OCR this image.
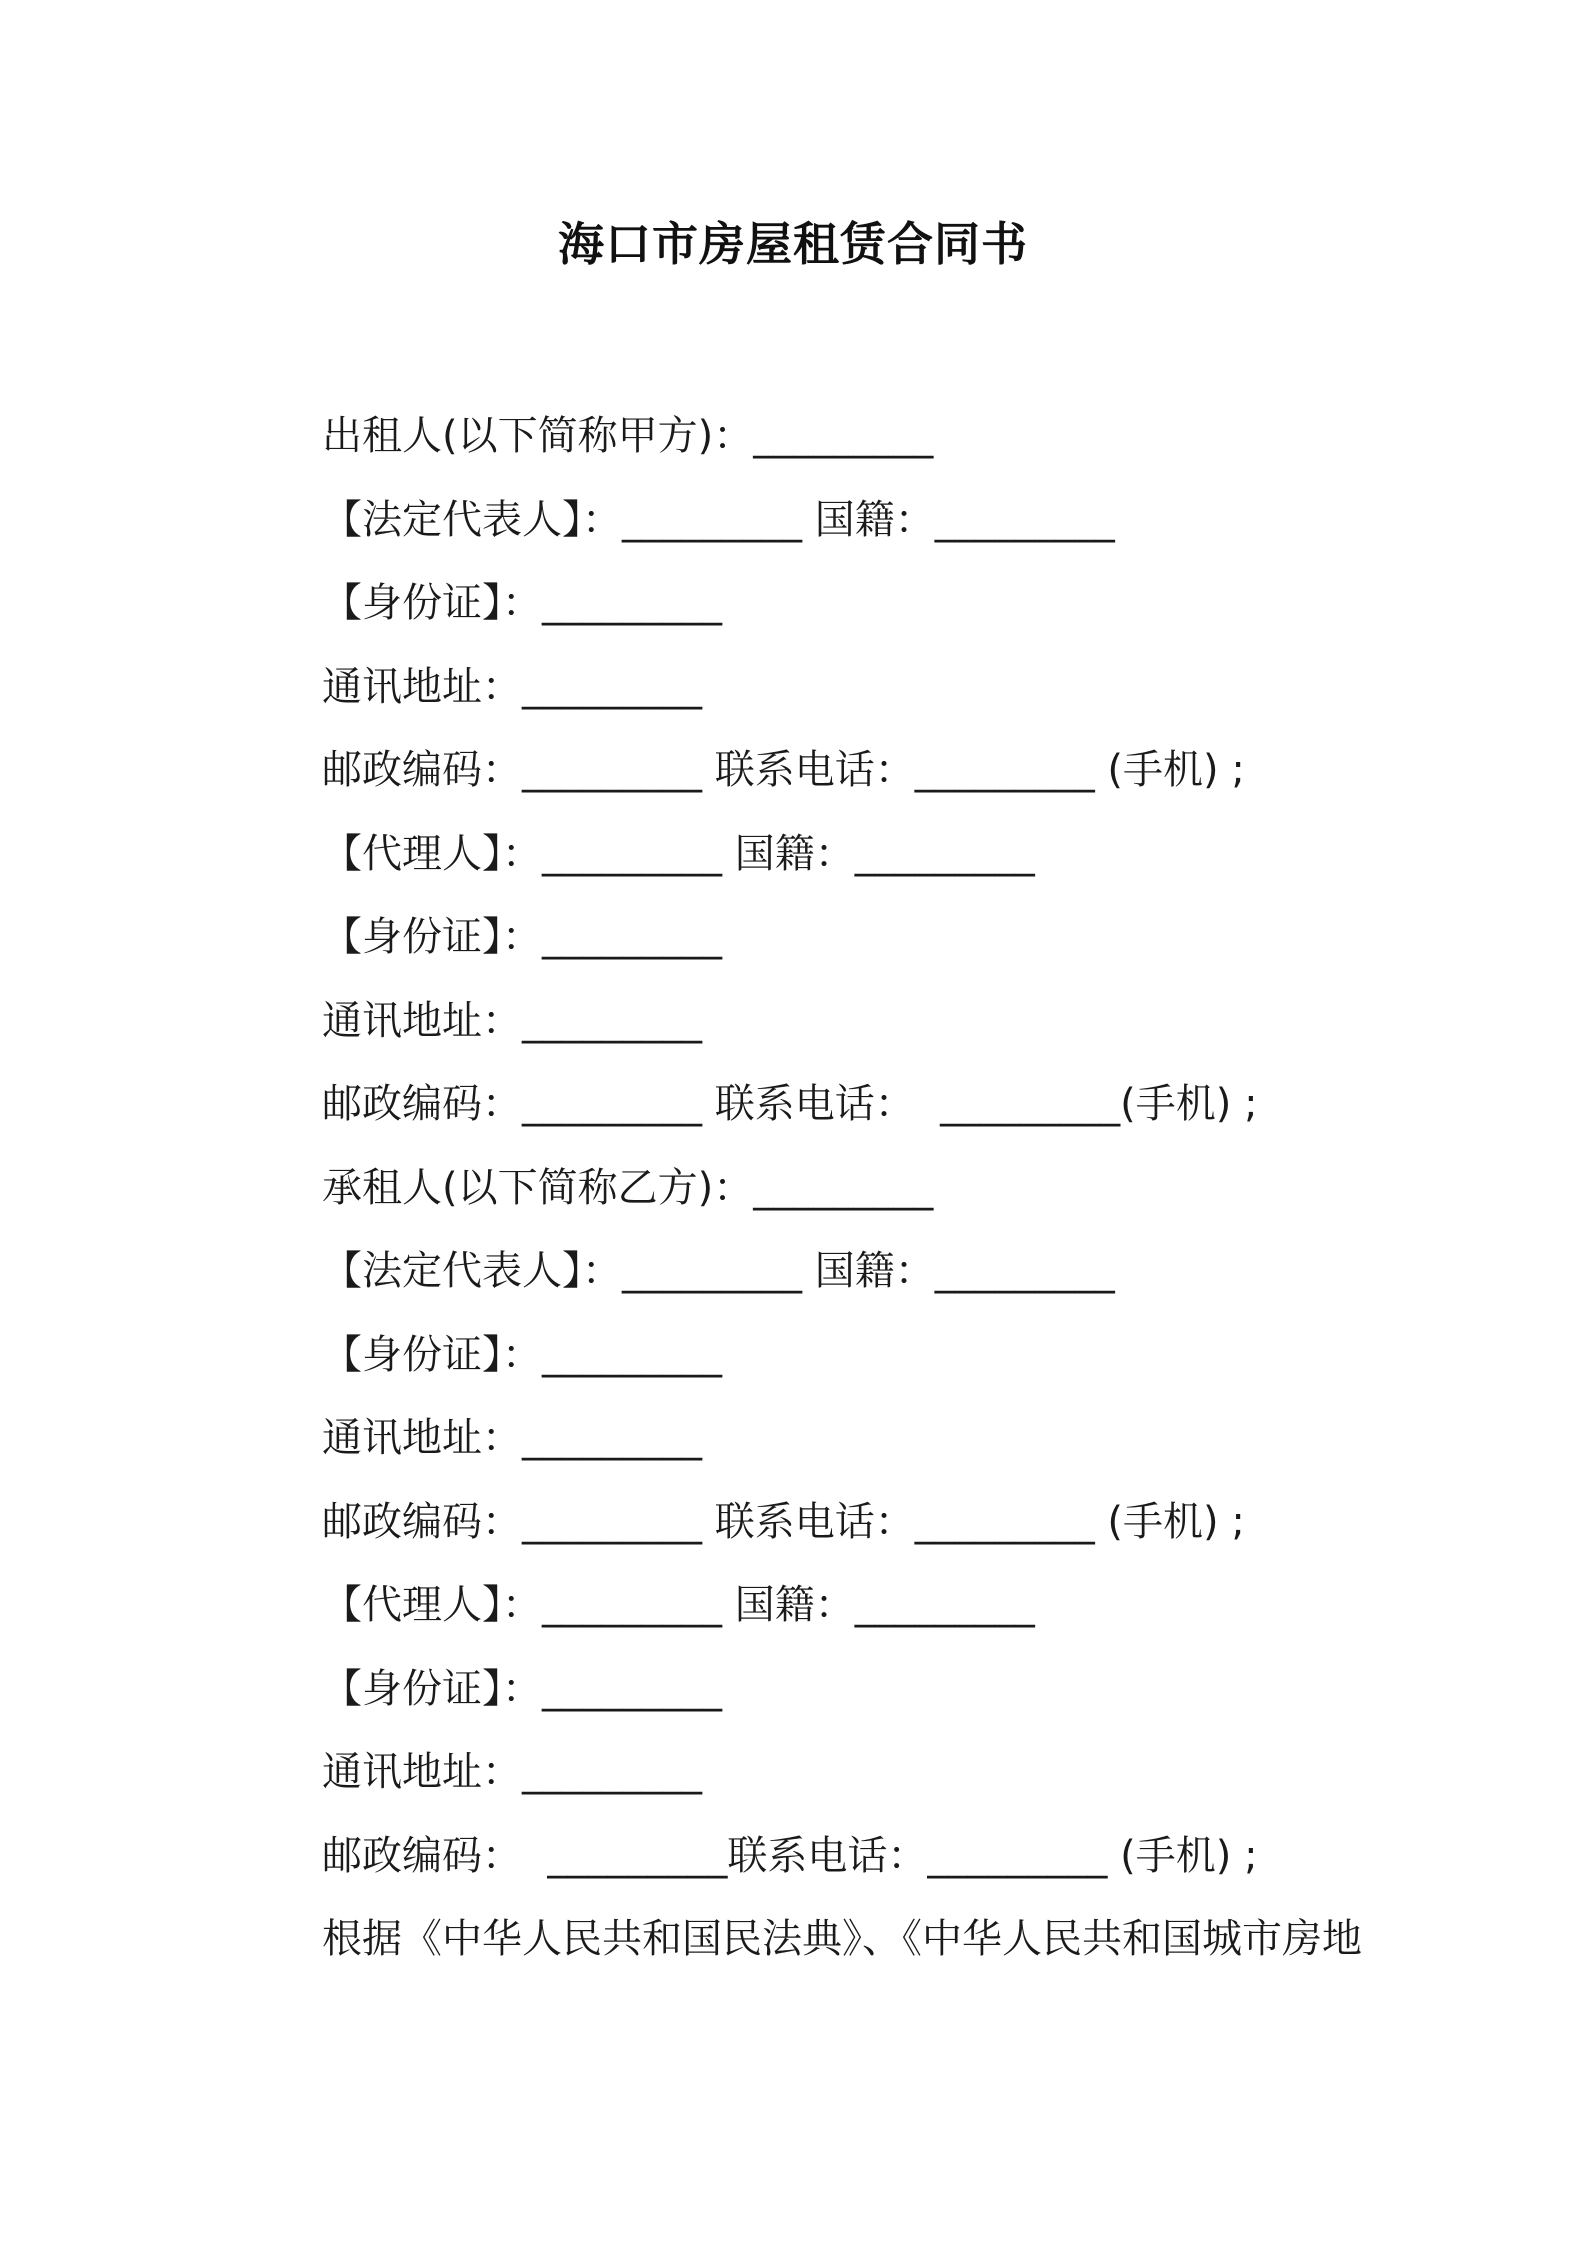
海口市房屋租赁合同书
出租人(以下简称甲方)：_________
【法定代表人】：_________ 国籍：_________
【身份证】：_________
通讯地址：_________
邮政编码：_________ 联系电话：_________ (手机) ;
【代理人】：_________ 国籍：_________
【身份证】：_________
通讯地址：_________
邮政编码：_________ 联系电话：  _________(手机) ;
承租人(以下简称乙方)：_________
【法定代表人】：_________ 国籍：_________
【身份证】：_________
通讯地址：_________
邮政编码：_________ 联系电话：_________ (手机) ;
【代理人】：_________ 国籍：_________
【身份证】：_________
通讯地址：_________
邮政编码：  _________联系电话：_________ (手机) ;
根据《中华人民共和国民法典》、《中华人民共和国城市房地
